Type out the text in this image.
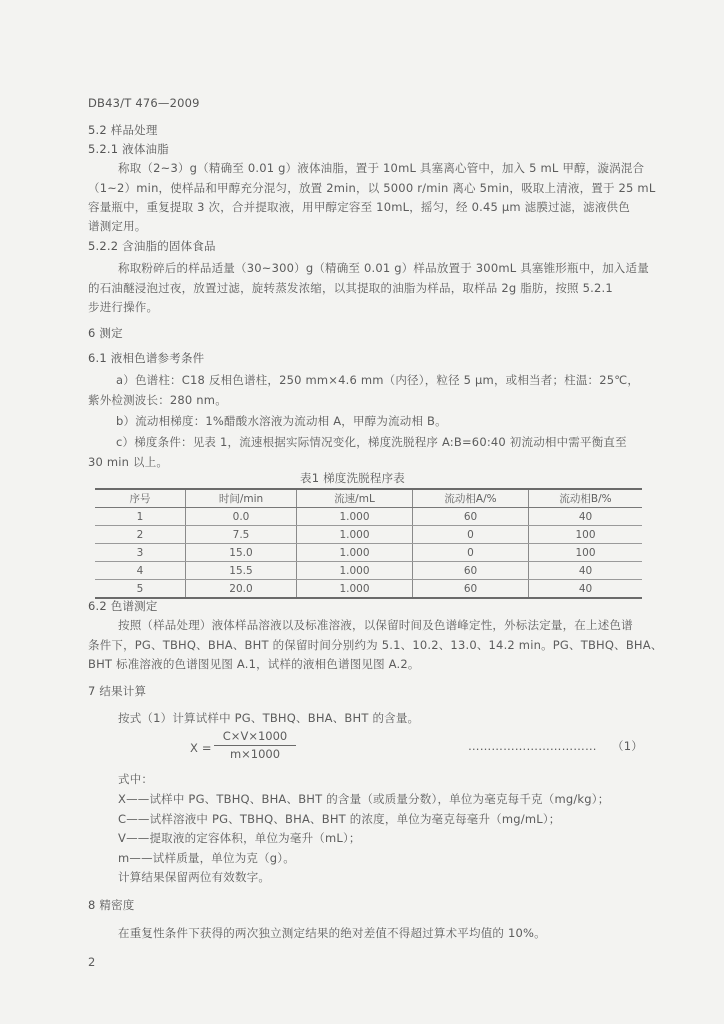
DB43/T 476—2009
5.2 样品处理
5.2.1 液体油脂
称取（2~3）g（精确至 0.01 g）液体油脂，置于 10mL 具塞离心管中，加入 5 mL 甲醇，漩涡混合
（1~2）min，使样品和甲醇充分混匀，放置 2min，以 5000 r/min 离心 5min，吸取上清液，置于 25 mL
容量瓶中，重复提取 3 次，合并提取液，用甲醇定容至 10mL，摇匀，经 0.45 μm 滤膜过滤，滤液供色
谱测定用。
5.2.2 含油脂的固体食品
称取粉碎后的样品适量（30~300）g（精确至 0.01 g）样品放置于 300mL 具塞锥形瓶中，加入适量
的石油醚浸泡过夜，放置过滤，旋转蒸发浓缩，以其提取的油脂为样品，取样品 2g 脂肪，按照 5.2.1
步进行操作。
6 测定
6.1 液相色谱参考条件
a）色谱柱：C18 反相色谱柱，250 mm×4.6 mm（内径），粒径 5 μm，或相当者；柱温：25℃，
紫外检测波长：280 nm。
b）流动相梯度：1%醋酸水溶液为流动相 A，甲醇为流动相 B。
c）梯度条件：见表 1，流速根据实际情况变化，梯度洗脱程序 A:B=60:40 初流动相中需平衡直至
30 min 以上。
表1 梯度洗脱程序表
序号	时间/min	流速/mL	流动相A/%	流动相B/%
1	0.0	1.000	60	40
2	7.5	1.000	0	100
3	15.0	1.000	0	100
4	15.5	1.000	60	40
5	20.0	1.000	60	40
6.2 色谱测定
按照（样品处理）液体样品溶液以及标准溶液，以保留时间及色谱峰定性，外标法定量，在上述色谱
条件下，PG、TBHQ、BHA、BHT 的保留时间分别约为 5.1、10.2、13.0、14.2 min。PG、TBHQ、BHA、
BHT 标准溶液的色谱图见图 A.1，试样的液相色谱图见图 A.2。
7 结果计算
按式（1）计算试样中 PG、TBHQ、BHA、BHT 的含量。
X =
C×V×1000
m×1000
…………………………… （1）
式中：
X——试样中 PG、TBHQ、BHA、BHT 的含量（或质量分数），单位为毫克每千克（mg/kg）；
C——试样溶液中 PG、TBHQ、BHA、BHT 的浓度，单位为毫克每毫升（mg/mL）；
V——提取液的定容体积，单位为毫升（mL）；
m——试样质量，单位为克（g）。
计算结果保留两位有效数字。
8 精密度
在重复性条件下获得的两次独立测定结果的绝对差值不得超过算术平均值的 10%。
2
